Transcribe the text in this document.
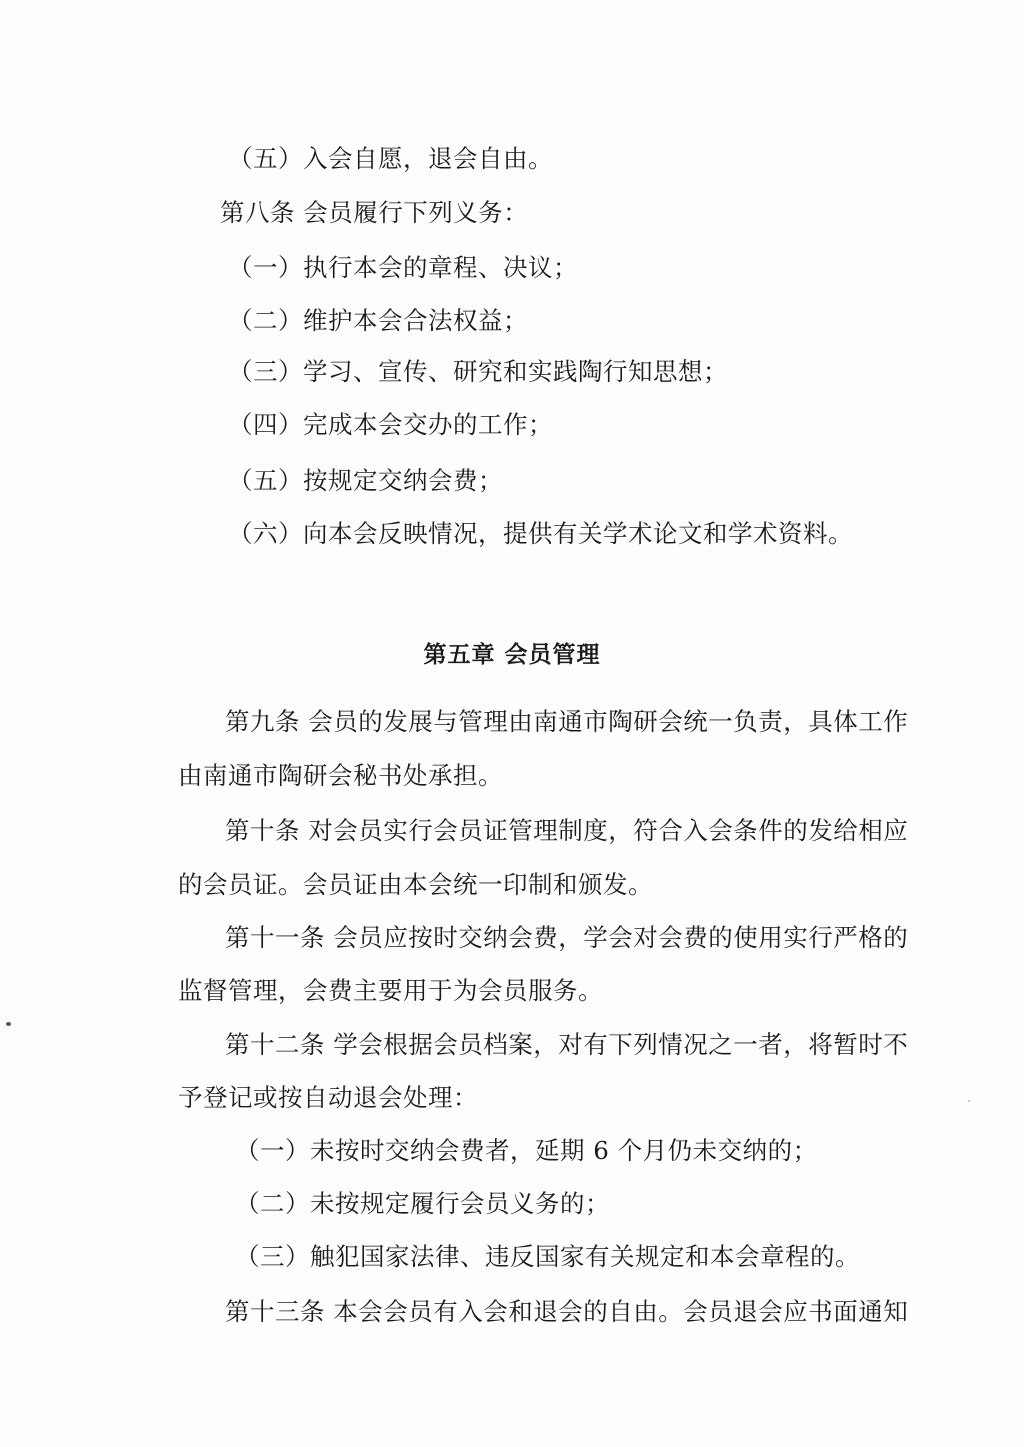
（五）入会自愿，退会自由。
第八条 会员履行下列义务：
（一）执行本会的章程、决议；
（二）维护本会合法权益；
（三）学习、宣传、研究和实践陶行知思想；
（四）完成本会交办的工作；
（五）按规定交纳会费；
（六）向本会反映情况，提供有关学术论文和学术资料。
第五章 会员管理
第九条 会员的发展与管理由南通市陶研会统一负责，具体工作
由南通市陶研会秘书处承担。
第十条 对会员实行会员证管理制度，符合入会条件的发给相应
的会员证。会员证由本会统一印制和颁发。
第十一条 会员应按时交纳会费，学会对会费的使用实行严格的
监督管理，会费主要用于为会员服务。
第十二条 学会根据会员档案，对有下列情况之一者，将暂时不
予登记或按自动退会处理：
（一）未按时交纳会费者，延期 6 个月仍未交纳的；
（二）未按规定履行会员义务的；
（三）触犯国家法律、违反国家有关规定和本会章程的。
第十三条 本会会员有入会和退会的自由。会员退会应书面通知
